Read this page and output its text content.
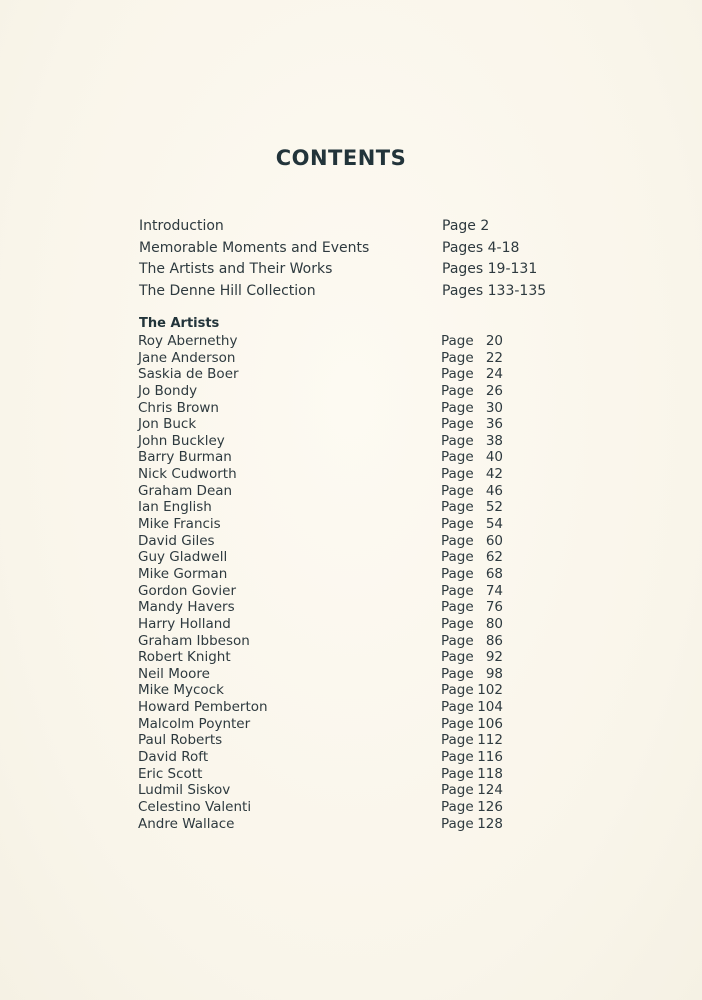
CONTENTS
Introduction	Page 2
Memorable Moments and Events	Pages 4-18
The Artists and Their Works	Pages 19-131
The Denne Hill Collection	Pages 133-135
The Artists
Roy Abernethy	Page 20
Jane Anderson	Page 22
Saskia de Boer	Page 24
Jo Bondy	Page 26
Chris Brown	Page 30
Jon Buck	Page 36
John Buckley	Page 38
Barry Burman	Page 40
Nick Cudworth	Page 42
Graham Dean	Page 46
Ian English	Page 52
Mike Francis	Page 54
David Giles	Page 60
Guy Gladwell	Page 62
Mike Gorman	Page 68
Gordon Govier	Page 74
Mandy Havers	Page 76
Harry Holland	Page 80
Graham Ibbeson	Page 86
Robert Knight	Page 92
Neil Moore	Page 98
Mike Mycock	Page 102
Howard Pemberton	Page 104
Malcolm Poynter	Page 106
Paul Roberts	Page 112
David Roft	Page 116
Eric Scott	Page 118
Ludmil Siskov	Page 124
Celestino Valenti	Page 126
Andre Wallace	Page 128
